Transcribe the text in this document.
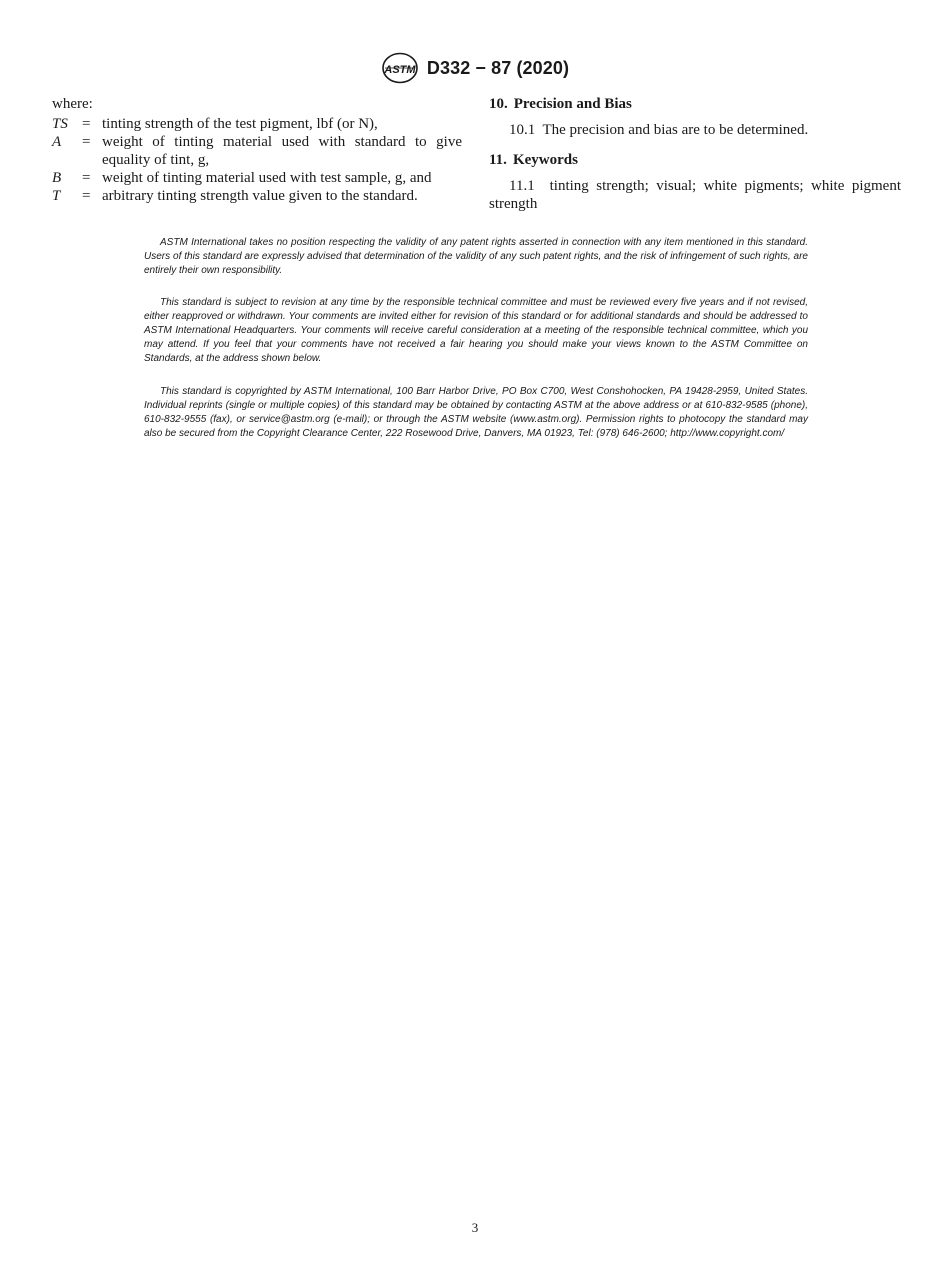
ASTM D332 − 87 (2020)

where:

TS = tinting strength of the test pigment, lbf (or N),
A	= weight of tinting material used with standard to give equality of tint, g,
B	= weight of tinting material used with test sample, g, and
T	= arbitrary tinting strength value given to the standard.

10. Precision and Bias

10.1 The precision and bias are to be determined.

11. Keywords

11.1 tinting strength; visual; white pigments; white pigment strength

ASTM International takes no position respecting the validity of any patent rights asserted in connection with any item mentioned in this standard. Users of this standard are expressly advised that determination of the validity of any such patent rights, and the risk of infringement of such rights, are entirely their own responsibility.

This standard is subject to revision at any time by the responsible technical committee and must be reviewed every five years and if not revised, either reapproved or withdrawn. Your comments are invited either for revision of this standard or for additional standards and should be addressed to ASTM International Headquarters. Your comments will receive careful consideration at a meeting of the responsible technical committee, which you may attend. If you feel that your comments have not received a fair hearing you should make your views known to the ASTM Committee on Standards, at the address shown below.

This standard is copyrighted by ASTM International, 100 Barr Harbor Drive, PO Box C700, West Conshohocken, PA 19428-2959, United States. Individual reprints (single or multiple copies) of this standard may be obtained by contacting ASTM at the above address or at 610-832-9585 (phone), 610-832-9555 (fax), or service@astm.org (e-mail); or through the ASTM website (www.astm.org). Permission rights to photocopy the standard may also be secured from the Copyright Clearance Center, 222 Rosewood Drive, Danvers, MA 01923, Tel: (978) 646-2600; http://www.copyright.com/

3
